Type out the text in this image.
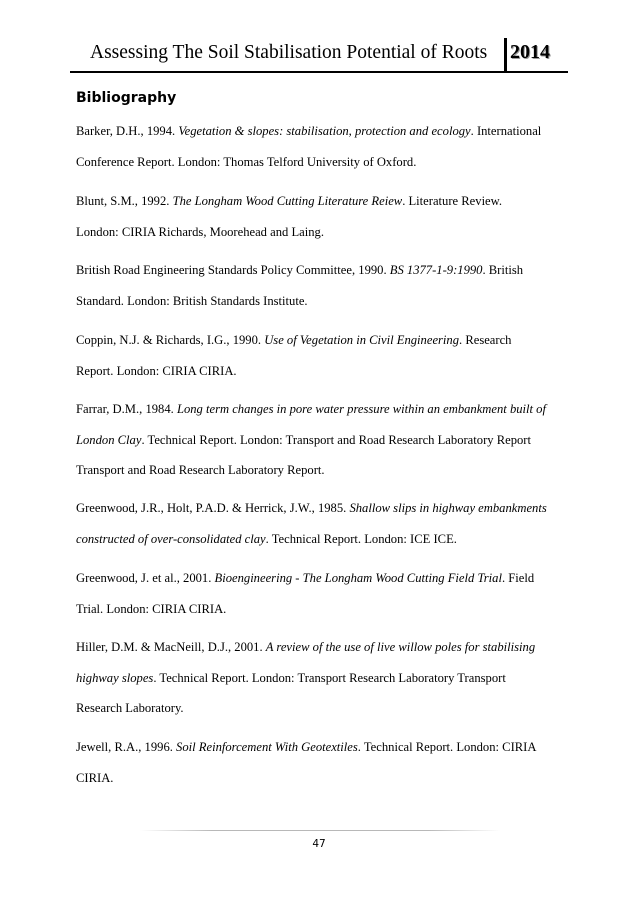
Assessing The Soil Stabilisation Potential of Roots 2014
Bibliography
Barker, D.H., 1994. Vegetation & slopes: stabilisation, protection and ecology. International
Conference Report. London: Thomas Telford University of Oxford.
Blunt, S.M., 1992. The Longham Wood Cutting Literature Reiew. Literature Review.
London: CIRIA Richards, Moorehead and Laing.
British Road Engineering Standards Policy Committee, 1990. BS 1377-1-9:1990. British
Standard. London: British Standards Institute.
Coppin, N.J. & Richards, I.G., 1990. Use of Vegetation in Civil Engineering. Research
Report. London: CIRIA CIRIA.
Farrar, D.M., 1984. Long term changes in pore water pressure within an embankment built of
London Clay. Technical Report. London: Transport and Road Research Laboratory Report
Transport and Road Research Laboratory Report.
Greenwood, J.R., Holt, P.A.D. & Herrick, J.W., 1985. Shallow slips in highway embankments
constructed of over-consolidated clay. Technical Report. London: ICE ICE.
Greenwood, J. et al., 2001. Bioengineering - The Longham Wood Cutting Field Trial. Field
Trial. London: CIRIA CIRIA.
Hiller, D.M. & MacNeill, D.J., 2001. A review of the use of live willow poles for stabilising
highway slopes. Technical Report. London: Transport Research Laboratory Transport
Research Laboratory.
Jewell, R.A., 1996. Soil Reinforcement With Geotextiles. Technical Report. London: CIRIA
CIRIA.
47
